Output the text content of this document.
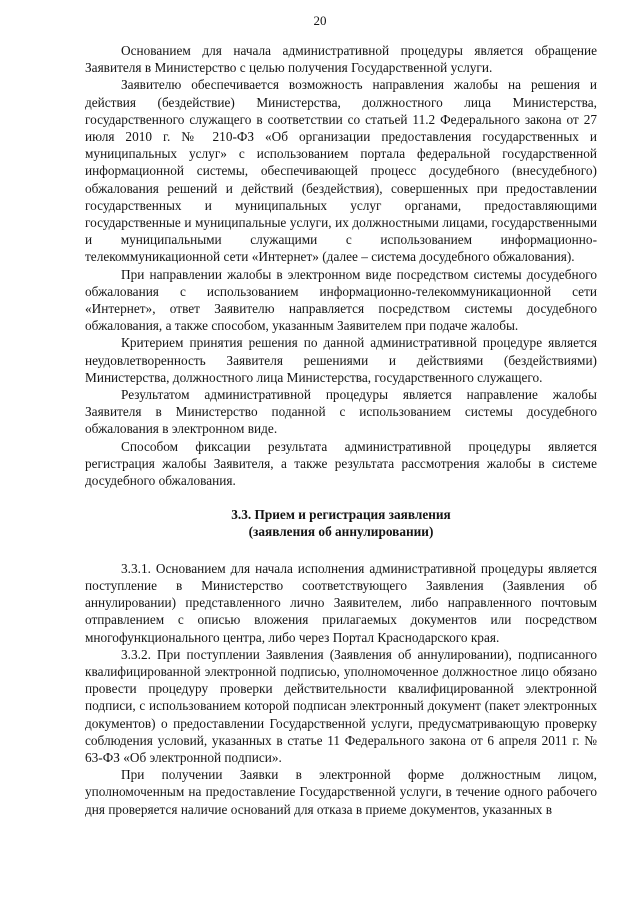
20

Основанием для начала административной процедуры является обращение Заявителя в Министерство с целью получения Государственной услуги.

Заявителю обеспечивается возможность направления жалобы на решения и действия (бездействие) Министерства, должностного лица Министерства, государственного служащего в соответствии со статьей 11.2 Федерального закона от 27 июля 2010 г. № 210-ФЗ «Об организации предоставления государственных и муниципальных услуг» с использованием портала федеральной государственной информационной системы, обеспечивающей процесс досудебного (внесудебного) обжалования решений и действий (бездействия), совершенных при предоставлении государственных и муниципальных услуг органами, предоставляющими государственные и муниципальные услуги, их должностными лицами, государственными и муниципальными служащими с использованием информационно-телекоммуникационной сети «Интернет» (далее – система досудебного обжалования).

При направлении жалобы в электронном виде посредством системы досудебного обжалования с использованием информационно-телекоммуникационной сети «Интернет», ответ Заявителю направляется посредством системы досудебного обжалования, а также способом, указанным Заявителем при подаче жалобы.

Критерием принятия решения по данной административной процедуре является неудовлетворенность Заявителя решениями и действиями (бездействиями) Министерства, должностного лица Министерства, государственного служащего.

Результатом административной процедуры является направление жалобы Заявителя в Министерство поданной с использованием системы досудебного обжалования в электронном виде.

Способом фиксации результата административной процедуры является регистрация жалобы Заявителя, а также результата рассмотрения жалобы в системе досудебного обжалования.

3.3. Прием и регистрация заявления
(заявления об аннулировании)

3.3.1. Основанием для начала исполнения административной процедуры является поступление в Министерство соответствующего Заявления (Заявления об аннулировании) представленного лично Заявителем, либо направленного почтовым отправлением с описью вложения прилагаемых документов или посредством многофункционального центра, либо через Портал Краснодарского края.

3.3.2. При поступлении Заявления (Заявления об аннулировании), подписанного квалифицированной электронной подписью, уполномоченное должностное лицо обязано провести процедуру проверки действительности квалифицированной электронной подписи, с использованием которой подписан электронный документ (пакет электронных документов) о предоставлении Государственной услуги, предусматривающую проверку соблюдения условий, указанных в статье 11 Федерального закона от 6 апреля 2011 г. № 63-ФЗ «Об электронной подписи».

При получении Заявки в электронной форме должностным лицом, уполномоченным на предоставление Государственной услуги, в течение одного рабочего дня проверяется наличие оснований для отказа в приеме документов, указанных в
